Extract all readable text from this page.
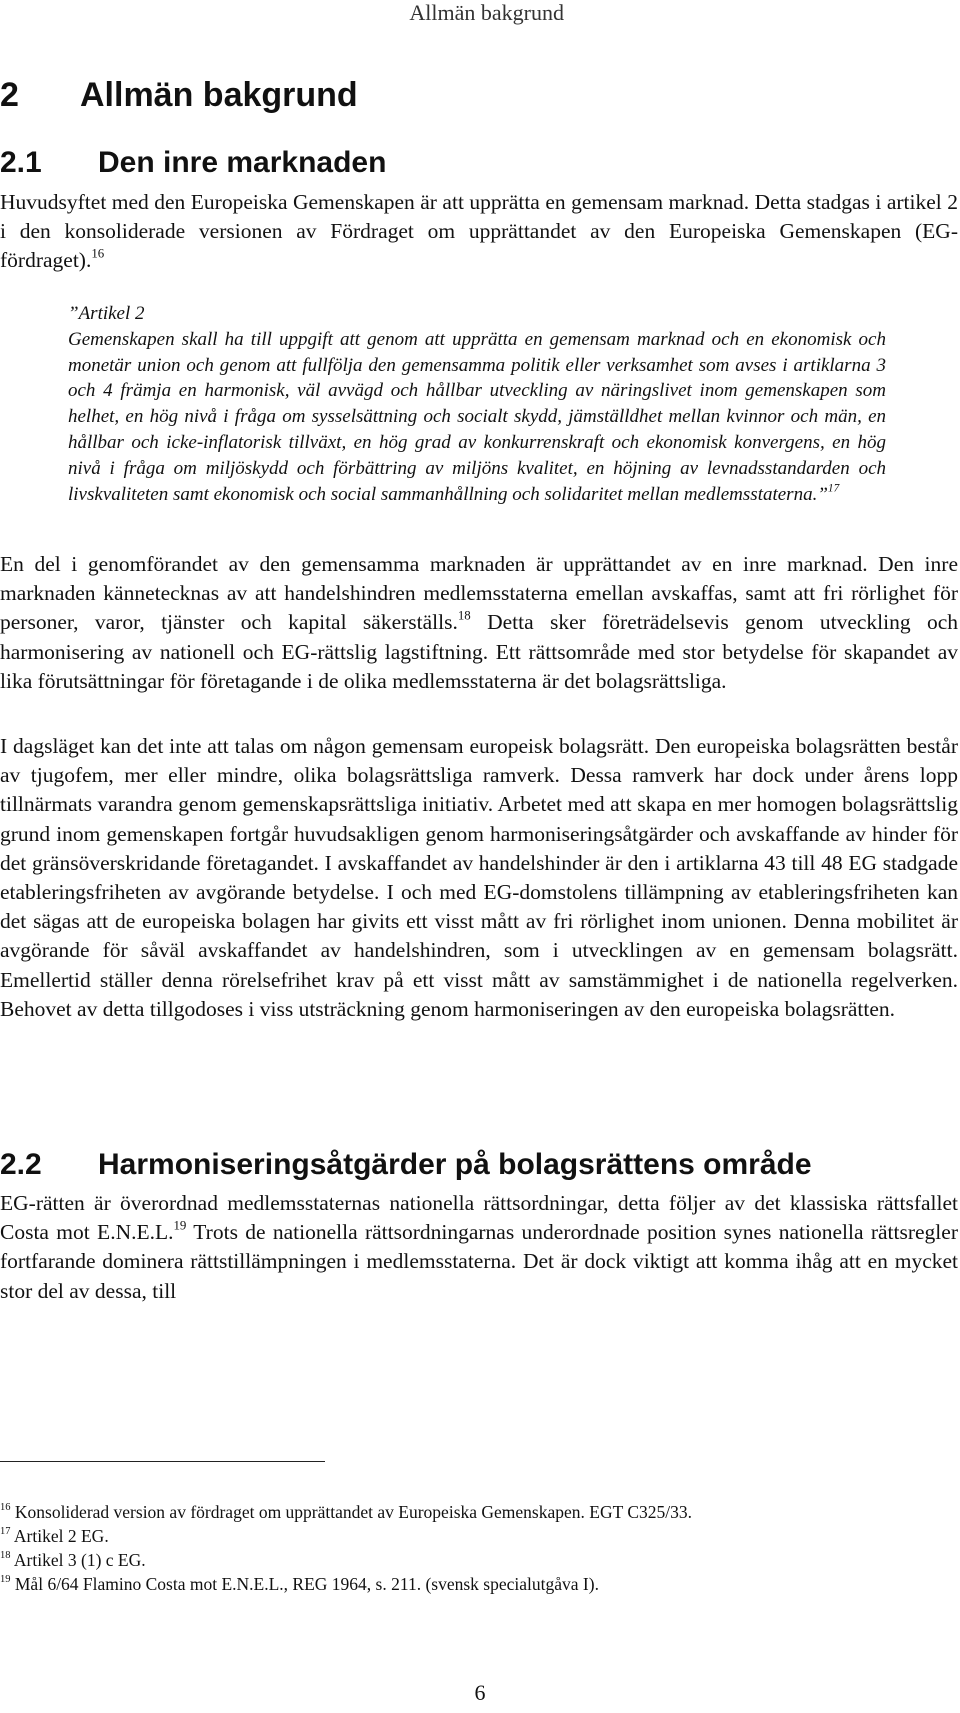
Allmän bakgrund
2 Allmän bakgrund
2.1 Den inre marknaden

Huvudsyftet med den Europeiska Gemenskapen är att upprätta en gemensam marknad. Detta stadgas i artikel 2 i den konsoliderade versionen av Fördraget om upprättandet av den Europeiska Gemenskapen (EG-fördraget).$^{16}$

”Artikel 2
Gemenskapen skall ha till uppgift att genom att upprätta en gemensam marknad och en ekonomisk och monetär union och genom att fullfölja den gemensamma politik eller verksamhet som avses i artiklarna 3 och 4 främja en harmonisk, väl avvägd och hållbar utveckling av näringslivet inom gemenskapen som helhet, en hög nivå i fråga om sysselsättning och socialt skydd, jämställdhet mellan kvinnor och män, en hållbar och icke-inflatorisk tillväxt, en hög grad av konkurrenskraft och ekonomisk konvergens, en hög nivå i fråga om miljöskydd och förbättring av miljöns kvalitet, en höjning av levnadsstandarden och livskvaliteten samt ekonomisk och social sammanhållning och solidaritet mellan medlemsstaterna.”$^{17}$

En del i genomförandet av den gemensamma marknaden är upprättandet av en inre marknad. Den inre marknaden kännetecknas av att handelshindren medlemsstaterna emellan avskaffas, samt att fri rörlighet för personer, varor, tjänster och kapital säkerställs.$^{18}$ Detta sker företrädelsevis genom utveckling och harmonisering av nationell och EG-rättslig lagstiftning. Ett rättsområde med stor betydelse för skapandet av lika förutsättningar för företagande i de olika medlemsstaterna är det bolagsrättsliga.

I dagsläget kan det inte att talas om någon gemensam europeisk bolagsrätt. Den europeiska bolagsrätten består av tjugofem, mer eller mindre, olika bolagsrättsliga ramverk. Dessa ramverk har dock under årens lopp tillnärmats varandra genom gemenskapsrättsliga initiativ. Arbetet med att skapa en mer homogen bolagsrättslig grund inom gemenskapen fortgår huvudsakligen genom harmoniseringsåtgärder och avskaffande av hinder för det gränsöverskridande företagandet. I avskaffandet av handelshinder är den i artiklarna 43 till 48 EG stadgade etableringsfriheten av avgörande betydelse. I och med EG-domstolens tillämpning av etableringsfriheten kan det sägas att de europeiska bolagen har givits ett visst mått av fri rörlighet inom unionen. Denna mobilitet är avgörande för såväl avskaffandet av handelshindren, som i utvecklingen av en gemensam bolagsrätt. Emellertid ställer denna rörelsefrihet krav på ett visst mått av samstämmighet i de nationella regelverken. Behovet av detta tillgodoses i viss utsträckning genom harmoniseringen av den europeiska bolagsrätten.

2.2 Harmoniseringsåtgärder på bolagsrättens område

EG-rätten är överordnad medlemsstaternas nationella rättsordningar, detta följer av det klassiska rättsfallet Costa mot E.N.E.L.$^{19}$ Trots de nationella rättsordningarnas underordnade position synes nationella rättsregler fortfarande dominera rättstillämpningen i medlemsstaterna. Det är dock viktigt att komma ihåg att en mycket stor del av dessa, till

$^{16}$ Konsoliderad version av fördraget om upprättandet av Europeiska Gemenskapen. EGT C325/33.
$^{17}$ Artikel 2 EG.
$^{18}$ Artikel 3 (1) c EG.
$^{19}$ Mål 6/64 Flamino Costa mot E.N.E.L., REG 1964, s. 211. (svensk specialutgåva I).
6
